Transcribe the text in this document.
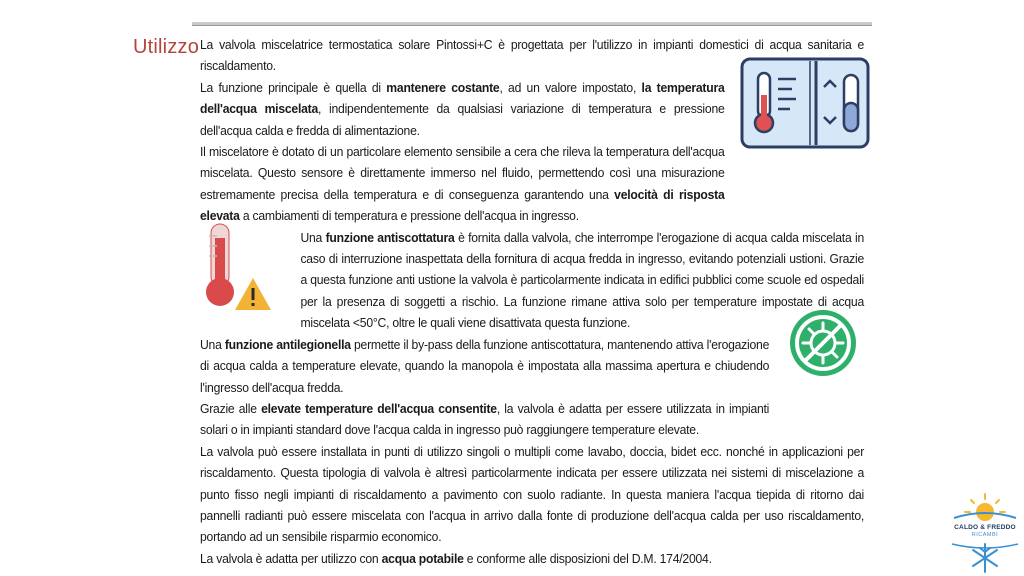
Utilizzo La valvola miscelatrice termostatica solare Pintossi+C è progettata per l'utilizzo in impianti domestici di acqua sanitaria e riscaldamento.

La funzione principale è quella di mantenere costante, ad un valore impostato, la temperatura dell'acqua miscelata, indipendentemente da qualsiasi variazione di temperatura e pressione dell'acqua calda e fredda di alimentazione.

Il miscelatore è dotato di un particolare elemento sensibile a cera che rileva la temperatura dell'acqua miscelata. Questo sensore è direttamente immerso nel fluido, permettendo così una misurazione estremamente precisa della temperatura e di conseguenza garantendo una velocità di risposta elevata a cambiamenti di temperatura e pressione dell'acqua in ingresso.

Una funzione antiscottatura è fornita dalla valvola, che interrompe l'erogazione di acqua calda miscelata in caso di interruzione inaspettata della fornitura di acqua fredda in ingresso, evitando potenziali ustioni. Grazie a questa funzione anti ustione la valvola è particolarmente indicata in edifici pubblici come scuole ed ospedali per la presenza di soggetti a rischio. La funzione rimane attiva solo per temperature impostate di acqua miscelata <50°C, oltre le quali viene disattivata questa funzione.

Una funzione antilegionella permette il by-pass della funzione antiscottatura, mantenendo attiva l'erogazione di acqua calda a temperature elevate, quando la manopola è impostata alla massima apertura e chiudendo l'ingresso dell'acqua fredda.

Grazie alle elevate temperature dell'acqua consentite, la valvola è adatta per essere utilizzata in impianti solari o in impianti standard dove l'acqua calda in ingresso può raggiungere temperature elevate.

La valvola può essere installata in punti di utilizzo singoli o multipli come lavabo, doccia, bidet ecc. nonché in applicazioni per riscaldamento. Questa tipologia di valvola è altresì particolarmente indicata per essere utilizzata nei sistemi di miscelazione a punto fisso negli impianti di riscaldamento a pavimento con suolo radiante. In questa maniera l'acqua tiepida di ritorno dai pannelli radianti può essere miscelata con l'acqua in arrivo dalla fonte di produzione dell'acqua calda per uso riscaldamento, portando ad un sensibile risparmio economico.

La valvola è adatta per utilizzo con acqua potabile e conforme alle disposizioni del D.M. 174/2004.

CALDO & FREDDO
RICAMBI
